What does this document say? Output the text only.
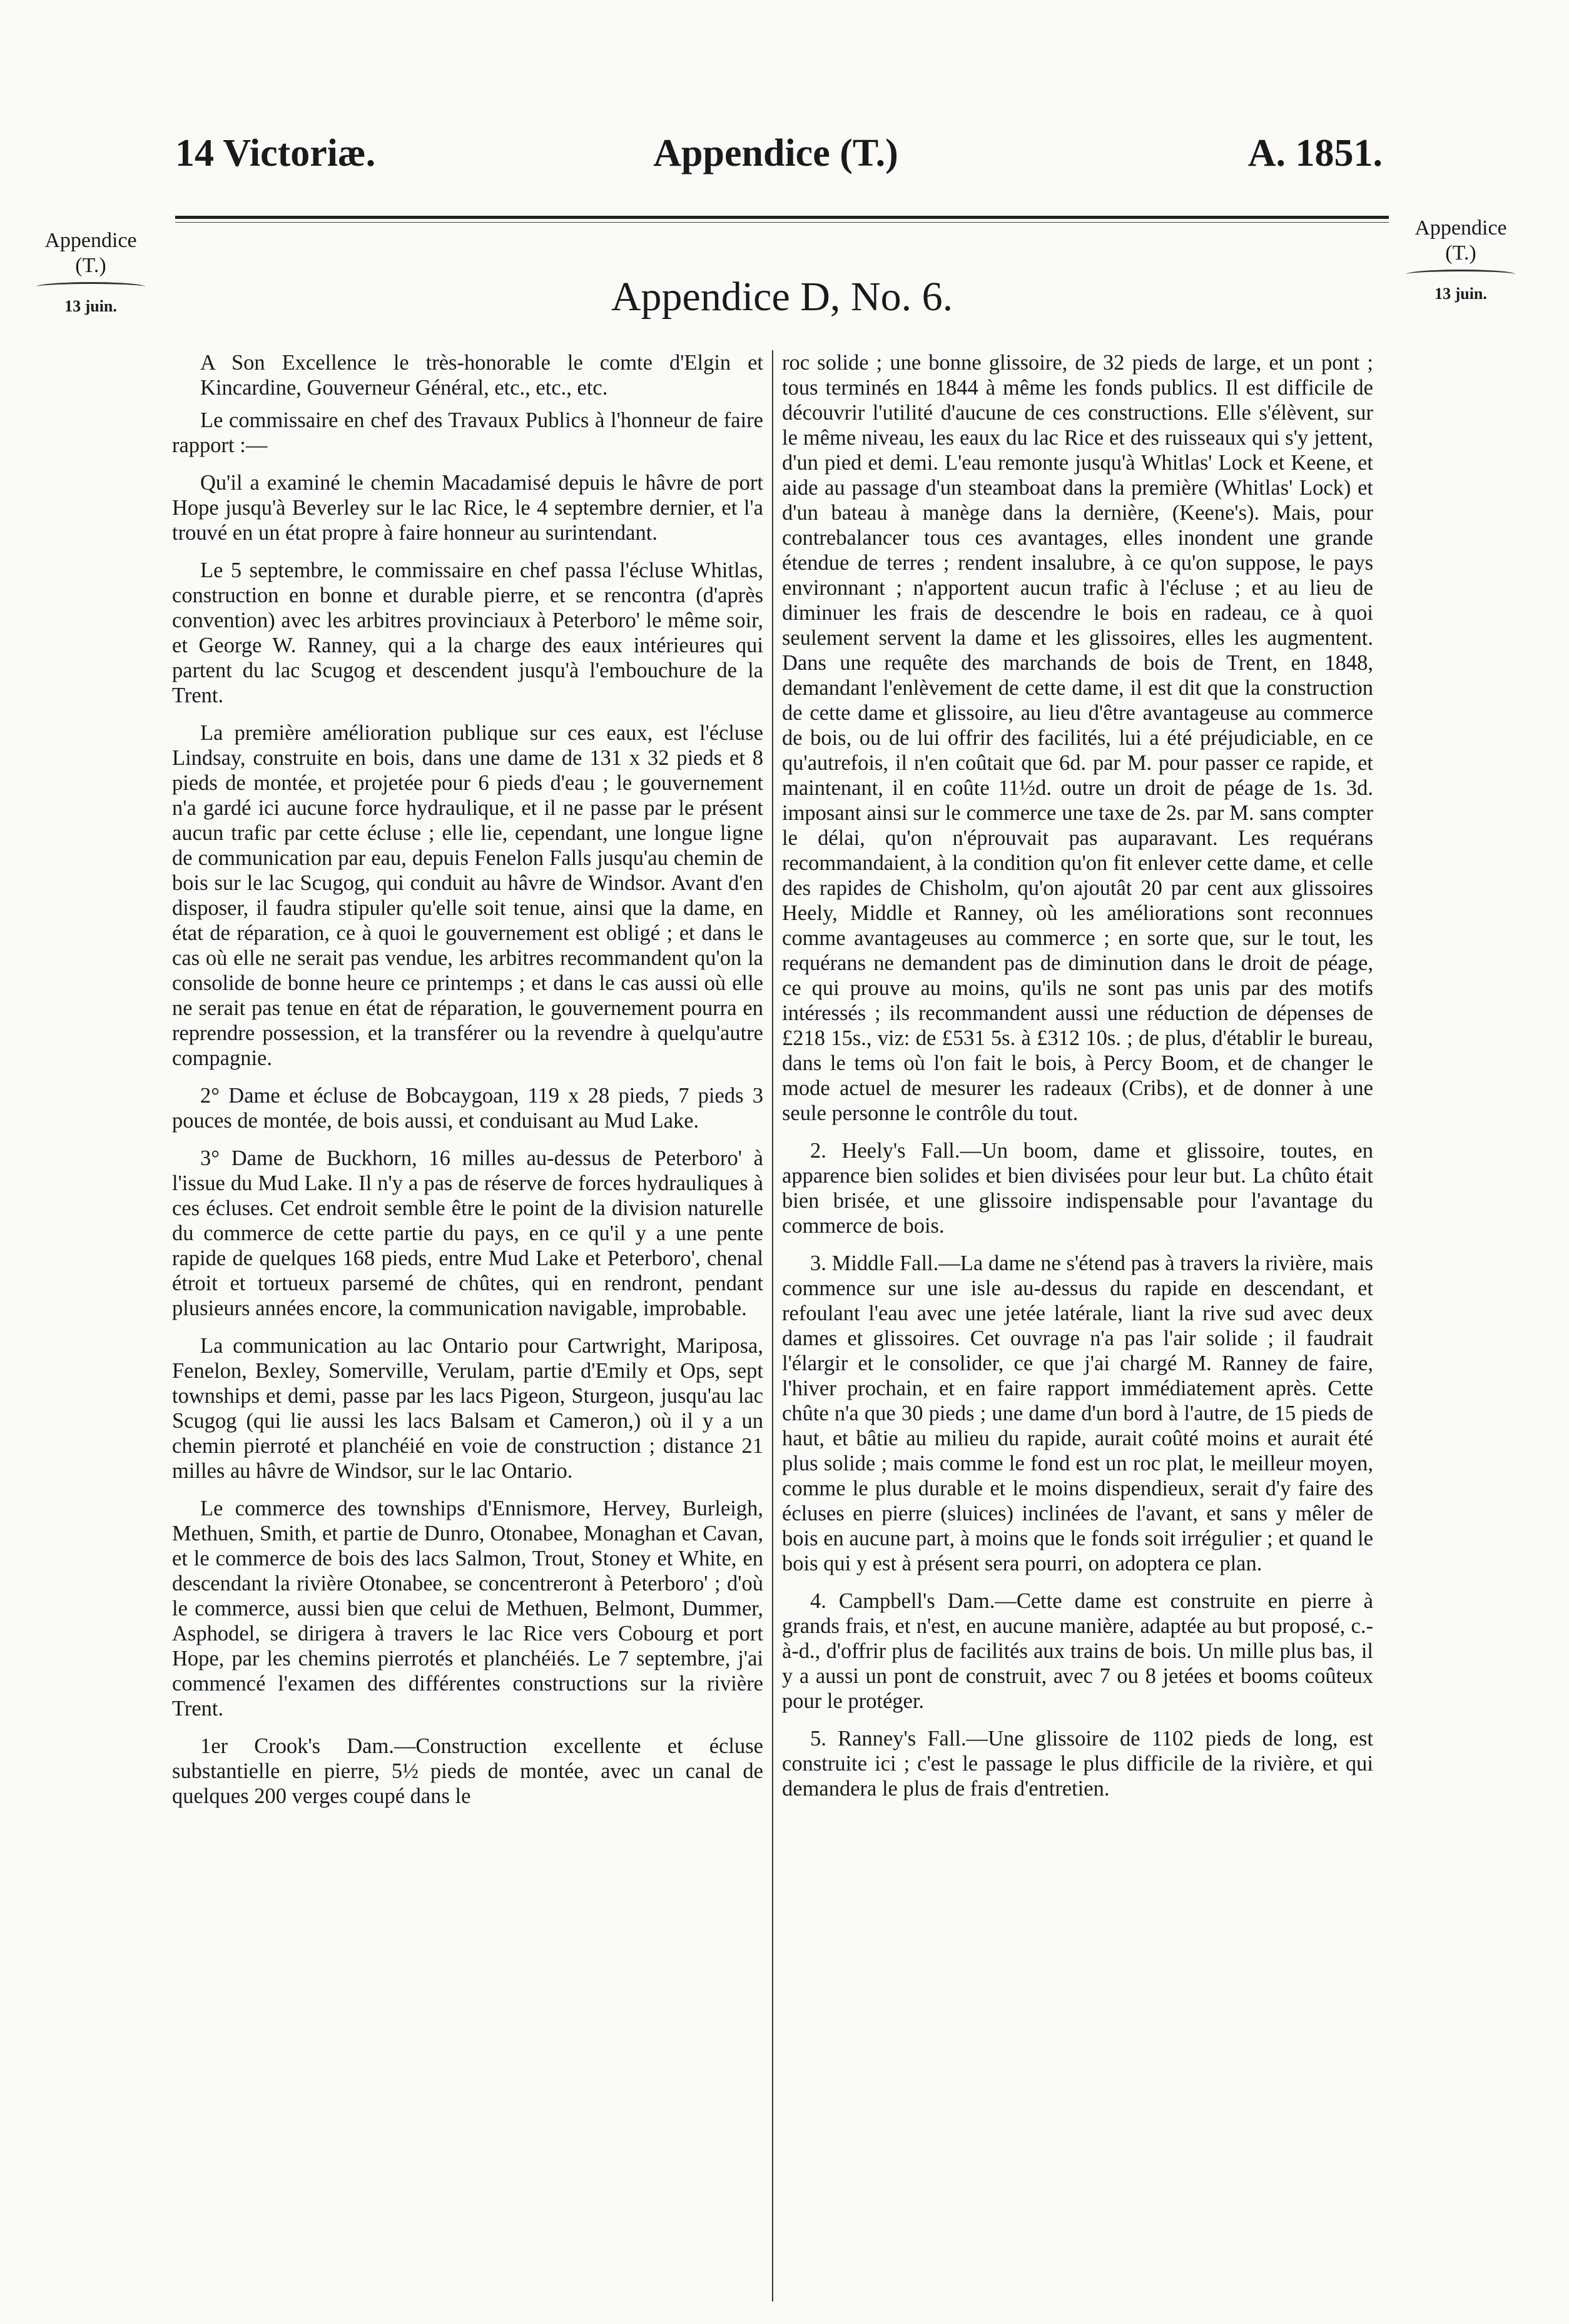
14 Victoriæ.	Appendice (T.)	A. 1851.
Appendice
(T.)
13 juin.
Appendice
(T.)
13 juin.
Appendice D, No. 6.

A Son Excellence le très-honorable le comte d'Elgin et Kincardine, Gouverneur Général, etc., etc., etc.

Le commissaire en chef des Travaux Publics à l'honneur de faire rapport :—

Qu'il a examiné le chemin Macadamisé depuis le hâvre de port Hope jusqu'à Beverley sur le lac Rice, le 4 septembre dernier, et l'a trouvé en un état propre à faire honneur au surintendant.

Le 5 septembre, le commissaire en chef passa l'écluse Whitlas, construction en bonne et durable pierre, et se rencontra (d'après convention) avec les arbitres provinciaux à Peterboro' le même soir, et George W. Ranney, qui a la charge des eaux intérieures qui partent du lac Scugog et descendent jusqu'à l'embouchure de la Trent.

La première amélioration publique sur ces eaux, est l'écluse Lindsay, construite en bois, dans une dame de 131 x 32 pieds et 8 pieds de montée, et projetée pour 6 pieds d'eau ; le gouvernement n'a gardé ici aucune force hydraulique, et il ne passe par le présent aucun trafic par cette écluse ; elle lie, cependant, une longue ligne de communication par eau, depuis Fenelon Falls jusqu'au chemin de bois sur le lac Scugog, qui conduit au hâvre de Windsor. Avant d'en disposer, il faudra stipuler qu'elle soit tenue, ainsi que la dame, en état de réparation, ce à quoi le gouvernement est obligé ; et dans le cas où elle ne serait pas vendue, les arbitres recommandent qu'on la consolide de bonne heure ce printemps ; et dans le cas aussi où elle ne serait pas tenue en état de réparation, le gouvernement pourra en reprendre possession, et la transférer ou la revendre à quelqu'autre compagnie.

2° Dame et écluse de Bobcaygoan, 119 x 28 pieds, 7 pieds 3 pouces de montée, de bois aussi, et conduisant au Mud Lake.

3° Dame de Buckhorn, 16 milles au-dessus de Peterboro' à l'issue du Mud Lake. Il n'y a pas de réserve de forces hydrauliques à ces écluses. Cet endroit semble être le point de la division naturelle du commerce de cette partie du pays, en ce qu'il y a une pente rapide de quelques 168 pieds, entre Mud Lake et Peterboro', chenal étroit et tortueux parsemé de chûtes, qui en rendront, pendant plusieurs années encore, la communication navigable, improbable.

La communication au lac Ontario pour Cartwright, Mariposa, Fenelon, Bexley, Somerville, Verulam, partie d'Emily et Ops, sept townships et demi, passe par les lacs Pigeon, Sturgeon, jusqu'au lac Scugog (qui lie aussi les lacs Balsam et Cameron,) où il y a un chemin pierroté et planchéié en voie de construction ; distance 21 milles au hâvre de Windsor, sur le lac Ontario.

Le commerce des townships d'Ennismore, Hervey, Burleigh, Methuen, Smith, et partie de Dunro, Otonabee, Monaghan et Cavan, et le commerce de bois des lacs Salmon, Trout, Stoney et White, en descendant la rivière Otonabee, se concentreront à Peterboro' ; d'où le commerce, aussi bien que celui de Methuen, Belmont, Dummer, Asphodel, se dirigera à travers le lac Rice vers Cobourg et port Hope, par les chemins pierrotés et planchéiés. Le 7 septembre, j'ai commencé l'examen des différentes constructions sur la rivière Trent.

1er Crook's Dam.—Construction excellente et écluse substantielle en pierre, 5½ pieds de montée, avec un canal de quelques 200 verges coupé dans le

roc solide ; une bonne glissoire, de 32 pieds de large, et un pont ; tous terminés en 1844 à même les fonds publics. Il est difficile de découvrir l'utilité d'aucune de ces constructions. Elle s'élèvent, sur le même niveau, les eaux du lac Rice et des ruisseaux qui s'y jettent, d'un pied et demi. L'eau remonte jusqu'à Whitlas' Lock et Keene, et aide au passage d'un steamboat dans la première (Whitlas' Lock) et d'un bateau à manège dans la dernière, (Keene's). Mais, pour contrebalancer tous ces avantages, elles inondent une grande étendue de terres ; rendent insalubre, à ce qu'on suppose, le pays environnant ; n'apportent aucun trafic à l'écluse ; et au lieu de diminuer les frais de descendre le bois en radeau, ce à quoi seulement servent la dame et les glissoires, elles les augmentent. Dans une requête des marchands de bois de Trent, en 1848, demandant l'enlèvement de cette dame, il est dit que la construction de cette dame et glissoire, au lieu d'être avantageuse au commerce de bois, ou de lui offrir des facilités, lui a été préjudiciable, en ce qu'autrefois, il n'en coûtait que 6d. par M. pour passer ce rapide, et maintenant, il en coûte 11½d. outre un droit de péage de 1s. 3d. imposant ainsi sur le commerce une taxe de 2s. par M. sans compter le délai, qu'on n'éprouvait pas auparavant. Les requérans recommandaient, à la condition qu'on fit enlever cette dame, et celle des rapides de Chisholm, qu'on ajoutât 20 par cent aux glissoires Heely, Middle et Ranney, où les améliorations sont reconnues comme avantageuses au commerce ; en sorte que, sur le tout, les requérans ne demandent pas de diminution dans le droit de péage, ce qui prouve au moins, qu'ils ne sont pas unis par des motifs intéressés ; ils recommandent aussi une réduction de dépenses de £218 15s., viz: de £531 5s. à £312 10s. ; de plus, d'établir le bureau, dans le tems où l'on fait le bois, à Percy Boom, et de changer le mode actuel de mesurer les radeaux (Cribs), et de donner à une seule personne le contrôle du tout.

2. Heely's Fall.—Un boom, dame et glissoire, toutes, en apparence bien solides et bien divisées pour leur but. La chûto était bien brisée, et une glissoire indispensable pour l'avantage du commerce de bois.

3. Middle Fall.—La dame ne s'étend pas à travers la rivière, mais commence sur une isle au-dessus du rapide en descendant, et refoulant l'eau avec une jetée latérale, liant la rive sud avec deux dames et glissoires. Cet ouvrage n'a pas l'air solide ; il faudrait l'élargir et le consolider, ce que j'ai chargé M. Ranney de faire, l'hiver prochain, et en faire rapport immédiatement après. Cette chûte n'a que 30 pieds ; une dame d'un bord à l'autre, de 15 pieds de haut, et bâtie au milieu du rapide, aurait coûté moins et aurait été plus solide ; mais comme le fond est un roc plat, le meilleur moyen, comme le plus durable et le moins dispendieux, serait d'y faire des écluses en pierre (sluices) inclinées de l'avant, et sans y mêler de bois en aucune part, à moins que le fonds soit irrégulier ; et quand le bois qui y est à présent sera pourri, on adoptera ce plan.

4. Campbell's Dam.—Cette dame est construite en pierre à grands frais, et n'est, en aucune manière, adaptée au but proposé, c.-à-d., d'offrir plus de facilités aux trains de bois. Un mille plus bas, il y a aussi un pont de construit, avec 7 ou 8 jetées et booms coûteux pour le protéger.

5. Ranney's Fall.—Une glissoire de 1102 pieds de long, est construite ici ; c'est le passage le plus difficile de la rivière, et qui demandera le plus de frais d'entretien.
